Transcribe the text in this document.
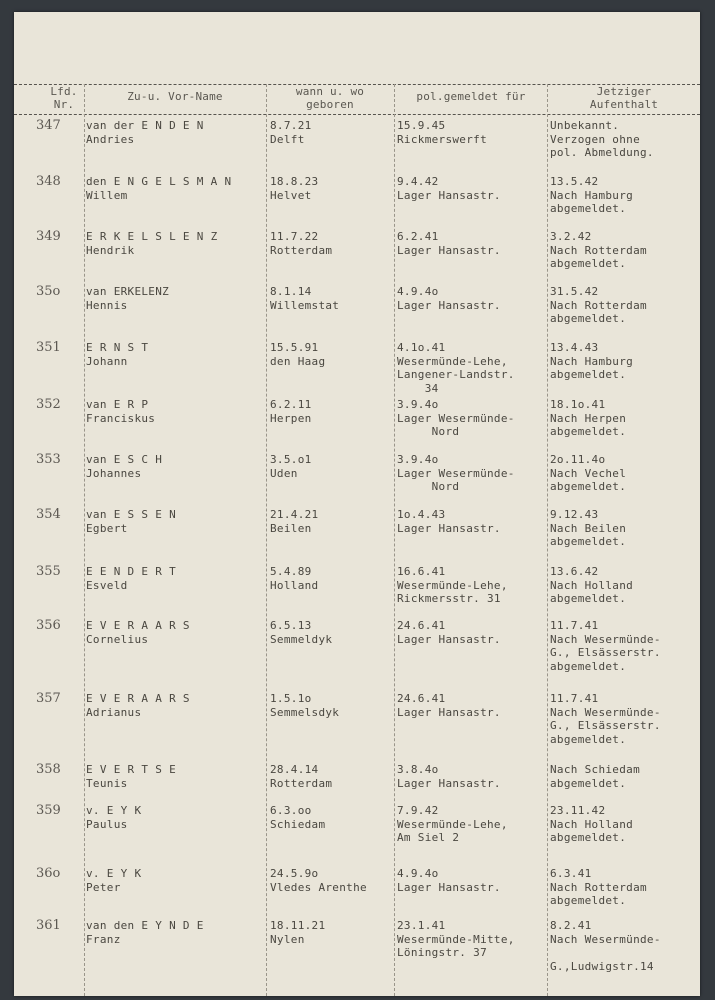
Lfd.
Nr.
Zu-u. Vor-Name	wann u. wo
geboren
pol.gemeldet für	Jetziger
Aufenthalt
347 van der E N D E N
Andries
8.7.21
Delft
15.9.45
Rickmerswerft
Unbekannt.
Verzogen ohne
pol. Abmeldung.
348 den E N G E L S M A N
Willem
18.8.23
Helvet
9.4.42
Lager Hansastr.
13.5.42
Nach Hamburg
abgemeldet.
349 E R K E L S L E N Z
Hendrik
11.7.22
Rotterdam
6.2.41
Lager Hansastr.
3.2.42
Nach Rotterdam
abgemeldet.
35o van ERKELENZ
Hennis
8.1.14
Willemstat
4.9.4o
Lager Hansastr.
31.5.42
Nach Rotterdam
abgemeldet.
351 E R N S T
Johann
15.5.91
den Haag
4.1o.41
Wesermünde-Lehe,
Langener-Landstr.
34
13.4.43
Nach Hamburg
abgemeldet.
352 van E R P
Franciskus
6.2.11
Herpen
3.9.4o
Lager Wesermünde-
Nord
18.1o.41
Nach Herpen
abgemeldet.
353 van E S C H
Johannes
3.5.o1
Uden
3.9.4o
Lager Wesermünde-
Nord
2o.11.4o
Nach Vechel
abgemeldet.
354 van E S S E N
Egbert
21.4.21
Beilen
1o.4.43
Lager Hansastr.
9.12.43
Nach Beilen
abgemeldet.
355 E E N D E R T
Esveld
5.4.89
Holland
16.6.41
Wesermünde-Lehe,
Rickmersstr. 31
13.6.42
Nach Holland
abgemeldet.
356 E V E R A A R S
Cornelius
6.5.13
Semmeldyk
24.6.41
Lager Hansastr.
11.7.41
Nach Wesermünde-
G., Elsässerstr.
abgemeldet.
357 E V E R A A R S
Adrianus
1.5.1o
Semmelsdyk
24.6.41
Lager Hansastr.
11.7.41
Nach Wesermünde-
G., Elsässerstr.
abgemeldet.
358 E V E R T S E
Teunis
28.4.14
Rotterdam
3.8.4o
Lager Hansastr.
Nach Schiedam
abgemeldet.
359 v. E Y K
Paulus
6.3.oo
Schiedam
7.9.42
Wesermünde-Lehe,
Am Siel 2
23.11.42
Nach Holland
abgemeldet.
36o v. E Y K
Peter
24.5.9o
Vledes Arenthe
4.9.4o
Lager Hansastr.
6.3.41
Nach Rotterdam
abgemeldet.
361 van den E Y N D E
Franz
18.11.21
Nylen
23.1.41
Wesermünde-Mitte,
Löningstr. 37
8.2.41
Nach Wesermünde-

G.,Ludwigstr.14
